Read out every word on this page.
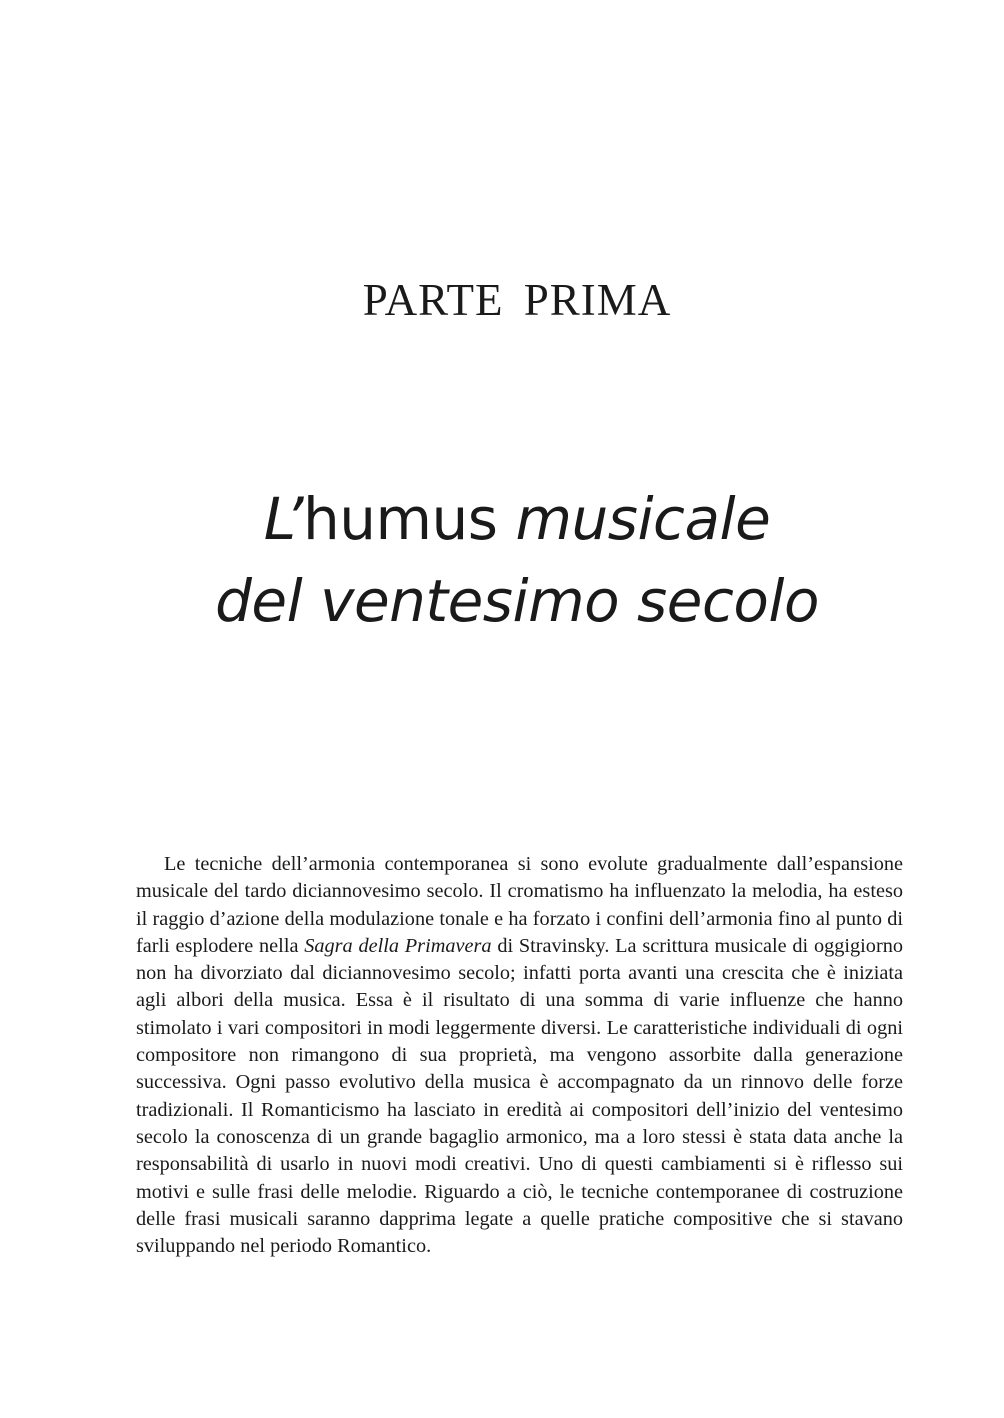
PARTE PRIMA
L’humus musicale
del ventesimo secolo

Le tecniche dell’armonia contemporanea si sono evolute gradualmente dall’espansione musicale del tardo diciannovesimo secolo. Il cromatismo ha influenzato la melodia, ha esteso il raggio d’azione della modulazione tonale e ha forzato i confini dell’armonia fino al punto di farli esplodere nella Sagra della Primavera di Stravinsky. La scrittura musicale di oggigiorno non ha divorziato dal diciannovesimo secolo; infatti porta avanti una crescita che è iniziata agli albori della musica. Essa è il risultato di una somma di varie influenze che hanno stimolato i vari compositori in modi leggermente diversi. Le caratteristiche individuali di ogni compositore non rimangono di sua proprietà, ma vengono assorbite dalla generazione successiva. Ogni passo evolutivo della musica è accompagnato da un rinnovo delle forze tradizionali. Il Romanticismo ha lasciato in eredità ai compositori dell’inizio del ventesimo secolo la conoscenza di un grande bagaglio armonico, ma a loro stessi è stata data anche la responsabilità di usarlo in nuovi modi creativi. Uno di questi cambiamenti si è riflesso sui motivi e sulle frasi delle melodie. Riguardo a ciò, le tecniche contemporanee di costruzione delle frasi musicali saranno dapprima legate a quelle pratiche compositive che si stavano sviluppando nel periodo Romantico.
